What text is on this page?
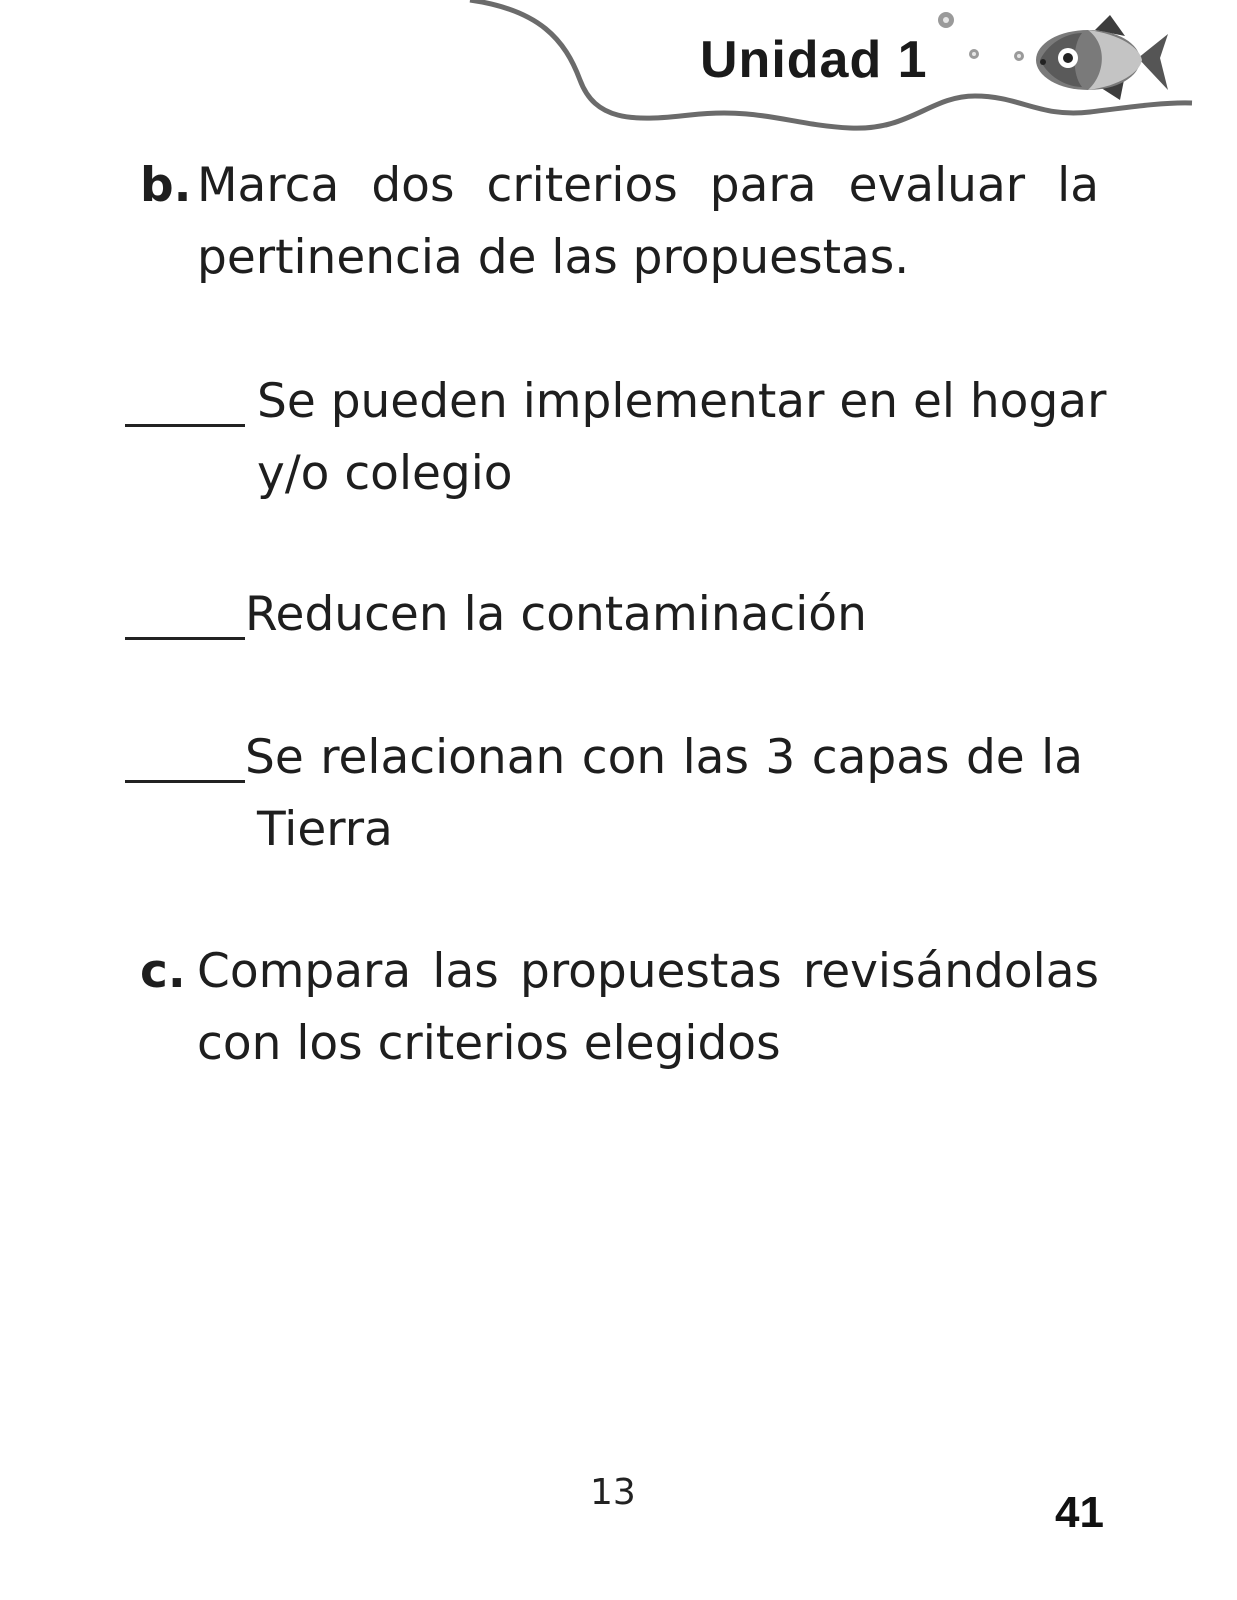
Unidad 1
b. Marca dos criterios para evaluar la
pertinencia de las propuestas.
Se pueden implementar en el hogar
y/o colegio
Reducen la contaminación
Se relacionan con las 3 capas de la
Tierra
c. Compara las propuestas revisándolas
con los criterios elegidos
13	41
